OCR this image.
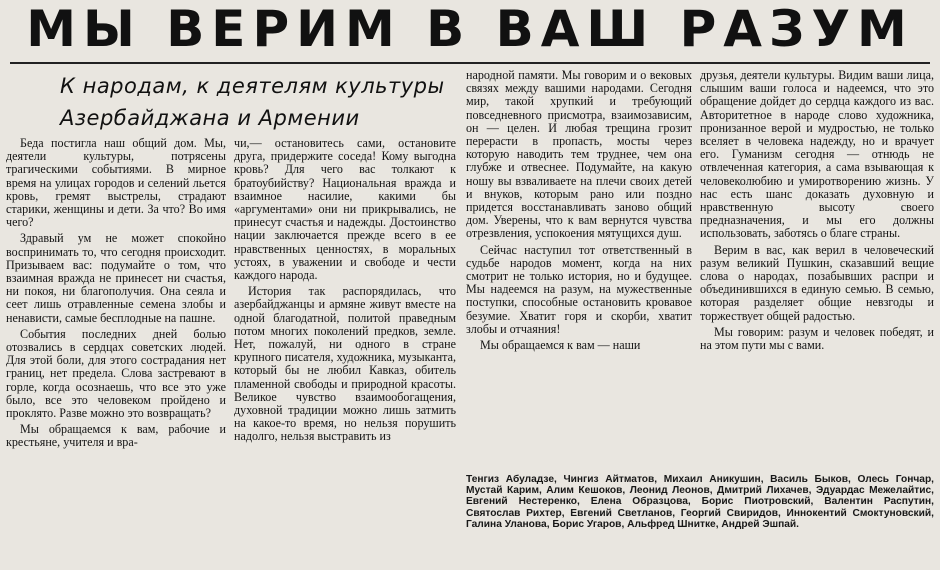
МЫ ВЕРИМ В ВАШ РАЗУМ
К народам, к деятелям культуры
Азербайджана и Армении

Беда постигла наш общий дом. Мы, деятели культуры, потрясены трагическими событиями. В мирное время на улицах городов и селений льется кровь, гремят выстрелы, страдают старики, женщины и дети. За что? Во имя чего?

Здравый ум не может спокойно воспринимать то, что сегодня происходит. Призываем вас: подумайте о том, что взаимная вражда не принесет ни счастья, ни покоя, ни благополучия. Она сеяла и сеет лишь отравленные семена злобы и ненависти, самые бесплодные на пашне.

События последних дней болью отозвались в сердцах советских людей. Для этой боли, для этого сострадания нет границ, нет предела. Слова застревают в горле, когда осознаешь, что все это уже было, все это человеком пройдено и проклято. Разве можно это возвращать?

Мы обращаемся к вам, рабочие и крестьяне, учителя и вра-

чи,— остановитесь сами, остановите друга, придержите соседа! Кому выгодна кровь? Для чего вас толкают к братоубийству? Национальная вражда и взаимное насилие, какими бы «аргументами» они ни прикрывались, не принесут счастья и надежды. Достоинство нации заключается прежде всего в ее нравственных ценностях, в моральных устоях, в уважении и свободе и чести каждого народа.

История так распорядилась, что азербайджанцы и армяне живут вместе на одной благодатной, политой праведным потом многих поколений предков, земле. Нет, пожалуй, ни одного в стране крупного писателя, художника, музыканта, который бы не любил Кавказ, обитель пламенной свободы и природной красоты. Великое чувство взаимообогащения, духовной традиции можно лишь затмить на какое-то время, но нельзя порушить надолго, нельзя выстравить из

народной памяти. Мы говорим и о вековых связях между вашими народами. Сегодня мир, такой хрупкий и требующий повседневного присмотра, взаимозависим, он — целен. И любая трещина грозит перерасти в пропасть, мосты через которую наводить тем труднее, чем она глубже и отвеснее. Подумайте, на какую ношу вы взваливаете на плечи своих детей и внуков, которым рано или поздно придется восстанавливать заново общий дом. Уверены, что к вам вернутся чувства отрезвления, успокоения мятущихся душ.

Сейчас наступил тот ответственный в судьбе народов момент, когда на них смотрит не только история, но и будущее. Мы надеемся на разум, на мужественные поступки, способные остановить кровавое безумие. Хватит горя и скорби, хватит злобы и отчаяния!

Мы обращаемся к вам — наши

друзья, деятели культуры. Видим ваши лица, слышим ваши голоса и надеемся, что это обращение дойдет до сердца каждого из вас. Авторитетное в народе слово художника, пронизанное верой и мудростью, не только вселяет в человека надежду, но и врачует его. Гуманизм сегодня — отнюдь не отвлеченная категория, а сама взывающая к человеколюбию и умиротворению жизнь. У нас есть шанс доказать духовную и нравственную высоту своего предназначения, и мы его должны использовать, заботясь о благе страны.

Верим в вас, как верил в человеческий разум великий Пушкин, сказавший вещие слова о народах, позабывших распри и объединившихся в единую семью. В семью, которая разделяет общие невзгоды и торжествует общей радостью.

Мы говорим: разум и человек победят, и на этом пути мы с вами.

Тенгиз Абуладзе, Чингиз Айтматов, Михаил Аникушин, Василь Быков, Олесь Гончар, Мустай Карим, Алим Кешоков, Леонид Леонов, Дмитрий Лихачев, Эдуардас Межелайтис, Евгений Нестеренко, Елена Образцова, Борис Пиотровский, Валентин Распутин, Святослав Рихтер, Евгений Светланов, Георгий Свиридов, Иннокентий Смоктуновский, Галина Уланова, Борис Угаров, Альфред Шнитке, Андрей Эшпай.
